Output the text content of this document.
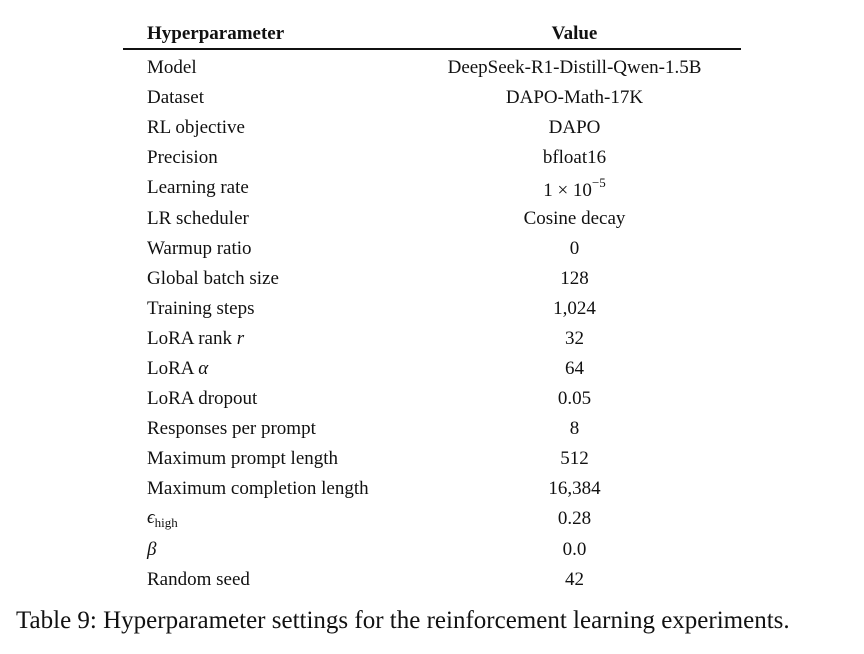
Hyperparameter	Value
Model	DeepSeek-R1-Distill-Qwen-1.5B
Dataset	DAPO-Math-17K
RL objective	DAPO
Precision	bfloat16
Learning rate	$1 \times 10^{-5}$
LR scheduler	Cosine decay
Warmup ratio	0
Global batch size	128
Training steps	1,024
LoRA rank r	32
LoRA α	64
LoRA dropout	0.05
Responses per prompt	8
Maximum prompt length	512
Maximum completion length	16,384
$\epsilon_{high}$	0.28
β	0.0
Random seed	42
Table 9: Hyperparameter settings for the reinforcement learning experiments.
